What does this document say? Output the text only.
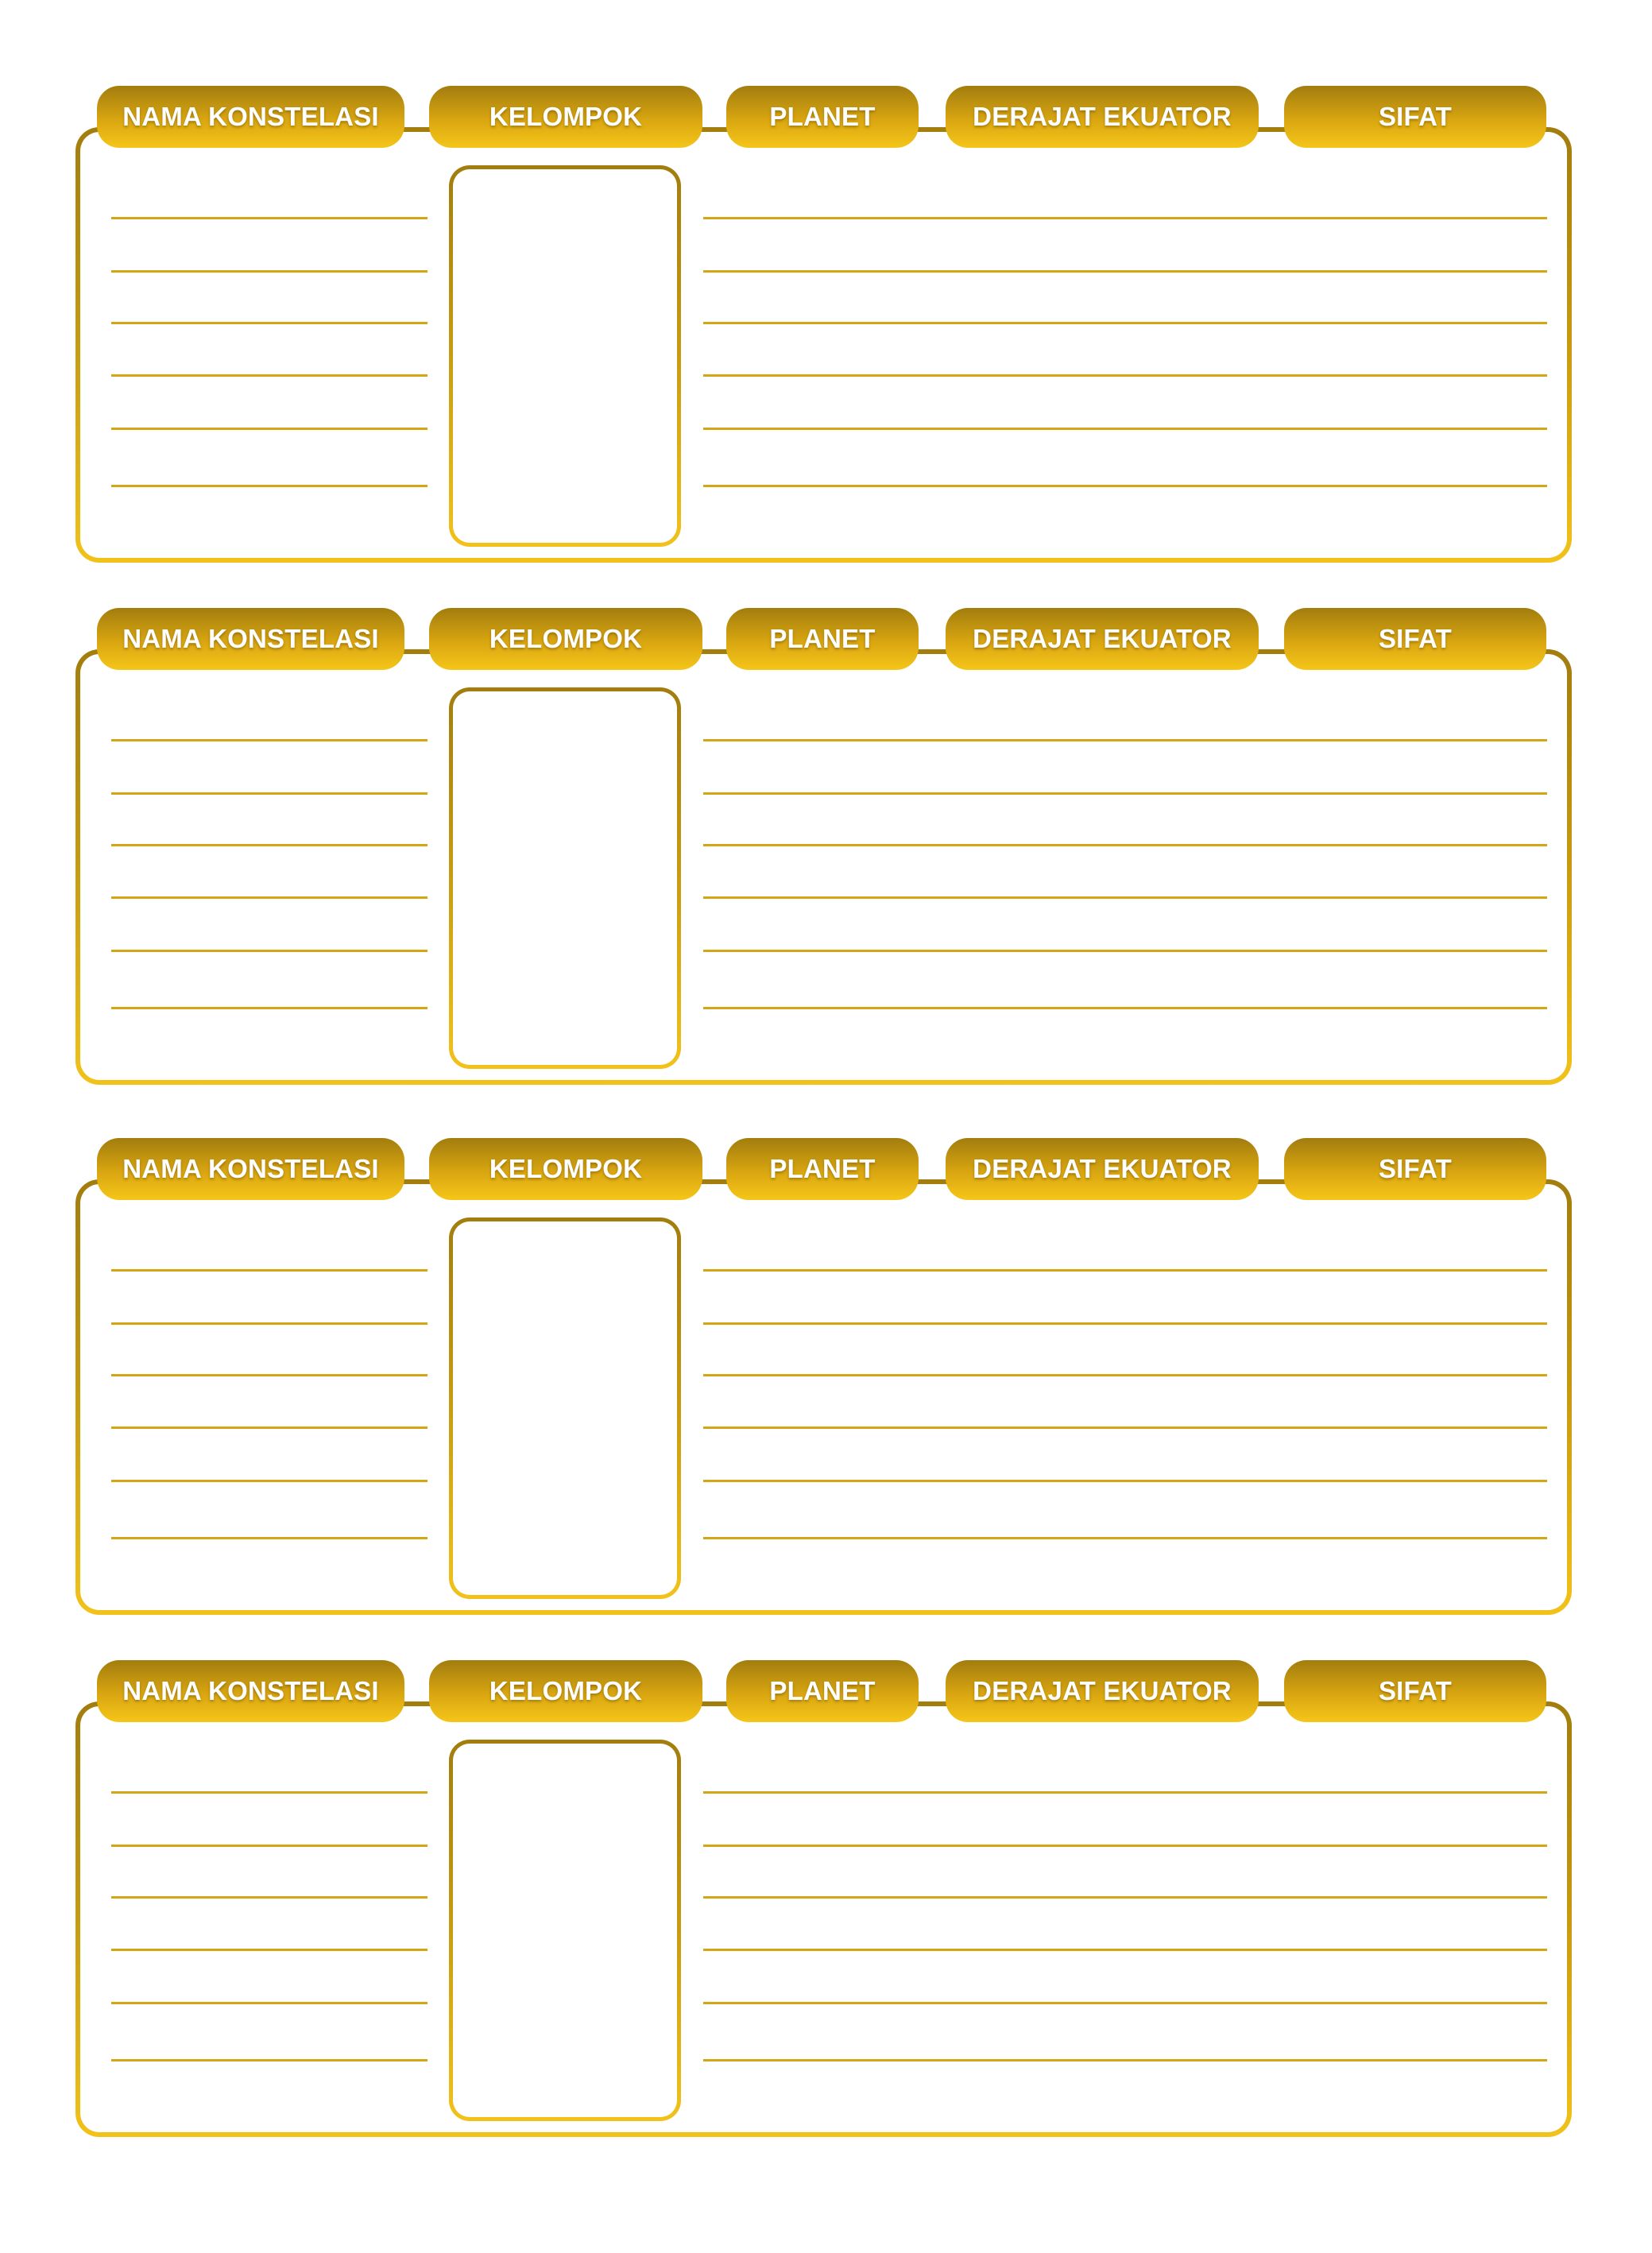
NAMA KONSTELASI	KELOMPOK	PLANET	DERAJAT EKUATOR	SIFAT
NAMA KONSTELASI	KELOMPOK	PLANET	DERAJAT EKUATOR	SIFAT
NAMA KONSTELASI	KELOMPOK	PLANET	DERAJAT EKUATOR	SIFAT
NAMA KONSTELASI	KELOMPOK	PLANET	DERAJAT EKUATOR	SIFAT
